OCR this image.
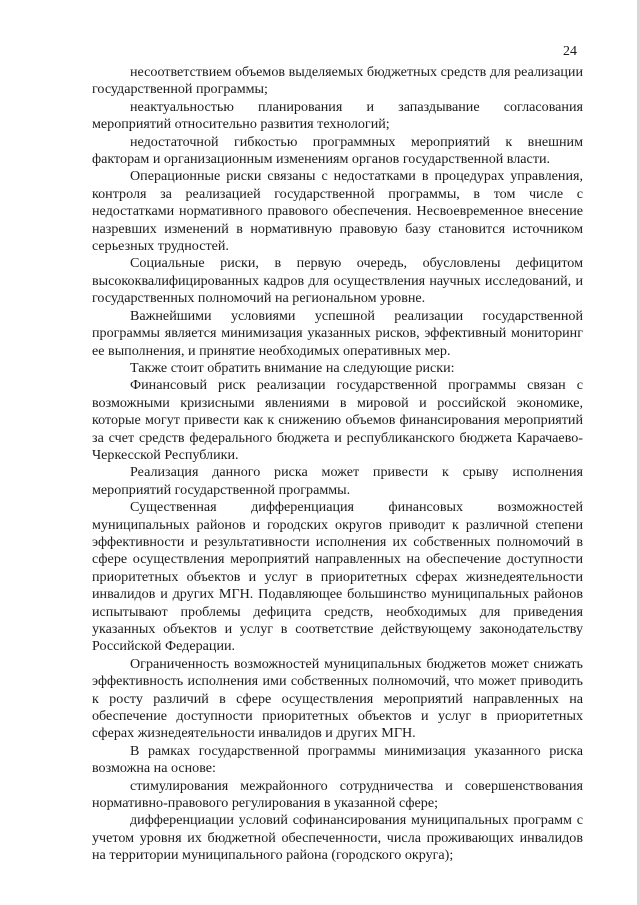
24

несоответствием объемов выделяемых бюджетных средств для реализации государственной программы;

неактуальностью планирования и запаздывание согласования мероприятий относительно развития технологий;

недостаточной гибкостью программных мероприятий к внешним факторам и организационным изменениям органов государственной власти.

Операционные риски связаны с недостатками в процедурах управления, контроля за реализацией государственной программы, в том числе с недостатками нормативного правового обеспечения. Несвоевременное внесение назревших изменений в нормативную правовую базу становится источником серьезных трудностей.

Социальные риски, в первую очередь, обусловлены дефицитом высококвалифицированных кадров для осуществления научных исследований, и государственных полномочий на региональном уровне.

Важнейшими условиями успешной реализации государственной программы является минимизация указанных рисков, эффективный мониторинг ее выполнения, и принятие необходимых оперативных мер.

Также стоит обратить внимание на следующие риски:

Финансовый риск реализации государственной программы связан с возможными кризисными явлениями в мировой и российской экономике, которые могут привести как к снижению объемов финансирования мероприятий за счет средств федерального бюджета и республиканского бюджета Карачаево-Черкесской Республики.

Реализация данного риска может привести к срыву исполнения мероприятий государственной программы.

Существенная дифференциация финансовых возможностей муниципальных районов и городских округов приводит к различной степени эффективности и результативности исполнения их собственных полномочий в сфере осуществления мероприятий направленных на обеспечение доступности приоритетных объектов и услуг в приоритетных сферах жизнедеятельности инвалидов и других МГН. Подавляющее большинство муниципальных районов испытывают проблемы дефицита средств, необходимых для приведения указанных объектов и услуг в соответствие действующему законодательству Российской Федерации.

Ограниченность возможностей муниципальных бюджетов может снижать эффективность исполнения ими собственных полномочий, что может приводить к росту различий в сфере осуществления мероприятий направленных на обеспечение доступности приоритетных объектов и услуг в приоритетных сферах жизнедеятельности инвалидов и других МГН.

В рамках государственной программы минимизация указанного риска возможна на основе:

стимулирования межрайонного сотрудничества и совершенствования нормативно-правового регулирования в указанной сфере;

дифференциации условий софинансирования муниципальных программ с учетом уровня их бюджетной обеспеченности, числа проживающих инвалидов на территории муниципального района (городского округа);
